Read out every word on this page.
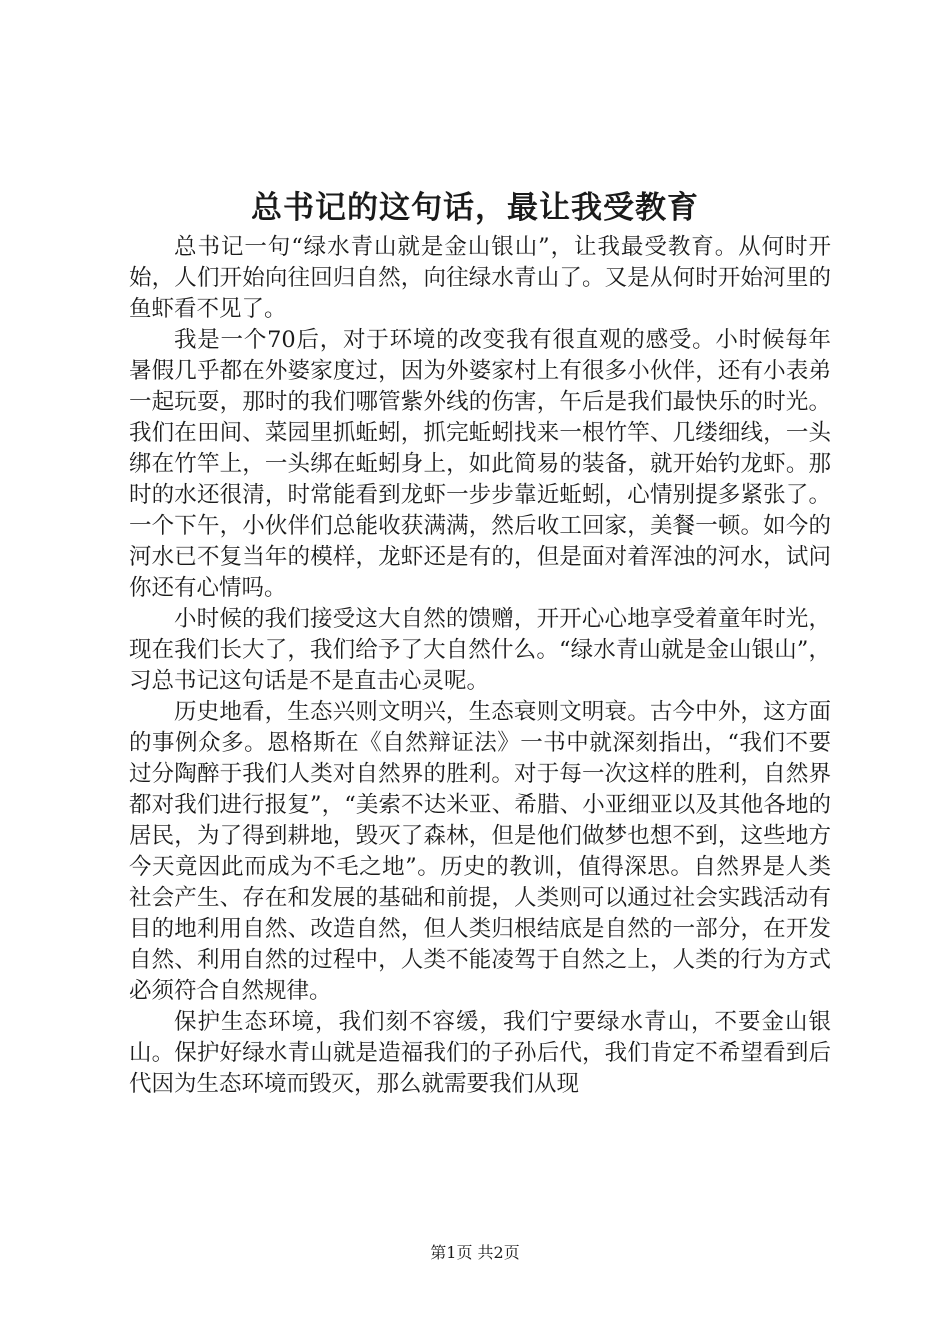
总书记的这句话，最让我受教育

总书记一句“绿水青山就是金山银山”，让我最受教育。从何时开始，人们开始向往回归自然，向往绿水青山了。又是从何时开始河里的鱼虾看不见了。

我是一个70后，对于环境的改变我有很直观的感受。小时候每年暑假几乎都在外婆家度过，因为外婆家村上有很多小伙伴，还有小表弟一起玩耍，那时的我们哪管紫外线的伤害，午后是我们最快乐的时光。我们在田间、菜园里抓蚯蚓，抓完蚯蚓找来一根竹竿、几缕细线，一头绑在竹竿上，一头绑在蚯蚓身上，如此简易的装备，就开始钓龙虾。那时的水还很清，时常能看到龙虾一步步靠近蚯蚓，心情别提多紧张了。一个下午，小伙伴们总能收获满满，然后收工回家，美餐一顿。如今的河水已不复当年的模样，龙虾还是有的，但是面对着浑浊的河水，试问你还有心情吗。

小时候的我们接受这大自然的馈赠，开开心心地享受着童年时光，现在我们长大了，我们给予了大自然什么。“绿水青山就是金山银山”，习总书记这句话是不是直击心灵呢。

历史地看，生态兴则文明兴，生态衰则文明衰。古今中外，这方面的事例众多。恩格斯在《自然辩证法》一书中就深刻指出，“我们不要过分陶醉于我们人类对自然界的胜利。对于每一次这样的胜利，自然界都对我们进行报复”，“美索不达米亚、希腊、小亚细亚以及其他各地的居民，为了得到耕地，毁灭了森林，但是他们做梦也想不到，这些地方今天竟因此而成为不毛之地”。历史的教训，值得深思。自然界是人类社会产生、存在和发展的基础和前提，人类则可以通过社会实践活动有目的地利用自然、改造自然，但人类归根结底是自然的一部分，在开发自然、利用自然的过程中，人类不能凌驾于自然之上，人类的行为方式必须符合自然规律。

保护生态环境，我们刻不容缓，我们宁要绿水青山，不要金山银山。保护好绿水青山就是造福我们的子孙后代，我们肯定不希望看到后代因为生态环境而毁灭，那么就需要我们从现

第1页 共2页
